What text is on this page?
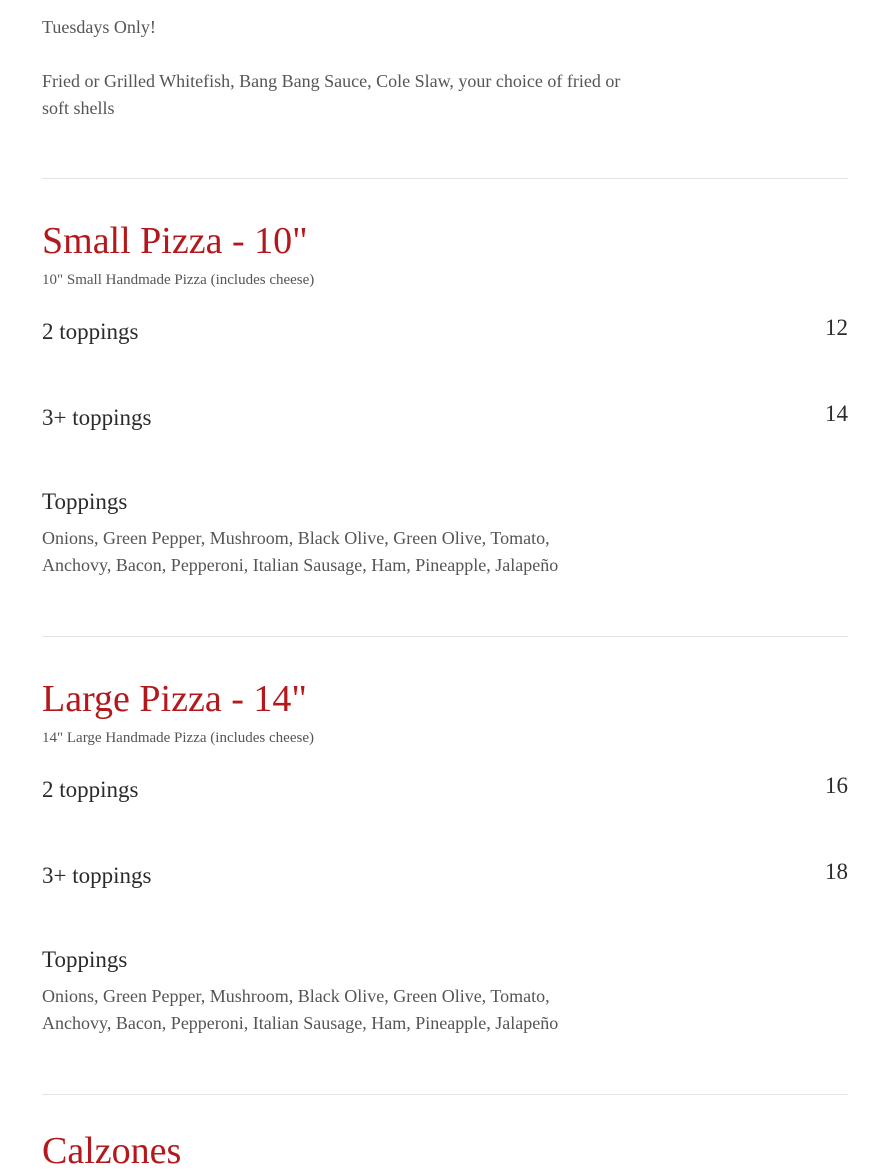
Tuesdays Only!
Fried or Grilled Whitefish, Bang Bang Sauce, Cole Slaw, your choice of fried or soft shells
Small Pizza - 10"
10" Small Handmade Pizza (includes cheese)
2 toppings	12
3+ toppings	14
Toppings
Onions, Green Pepper, Mushroom, Black Olive, Green Olive, Tomato, Anchovy, Bacon, Pepperoni, Italian Sausage, Ham, Pineapple, Jalapeño
Large Pizza - 14"
14" Large Handmade Pizza (includes cheese)
2 toppings	16
3+ toppings	18
Toppings
Onions, Green Pepper, Mushroom, Black Olive, Green Olive, Tomato, Anchovy, Bacon, Pepperoni, Italian Sausage, Ham, Pineapple, Jalapeño
Calzones
